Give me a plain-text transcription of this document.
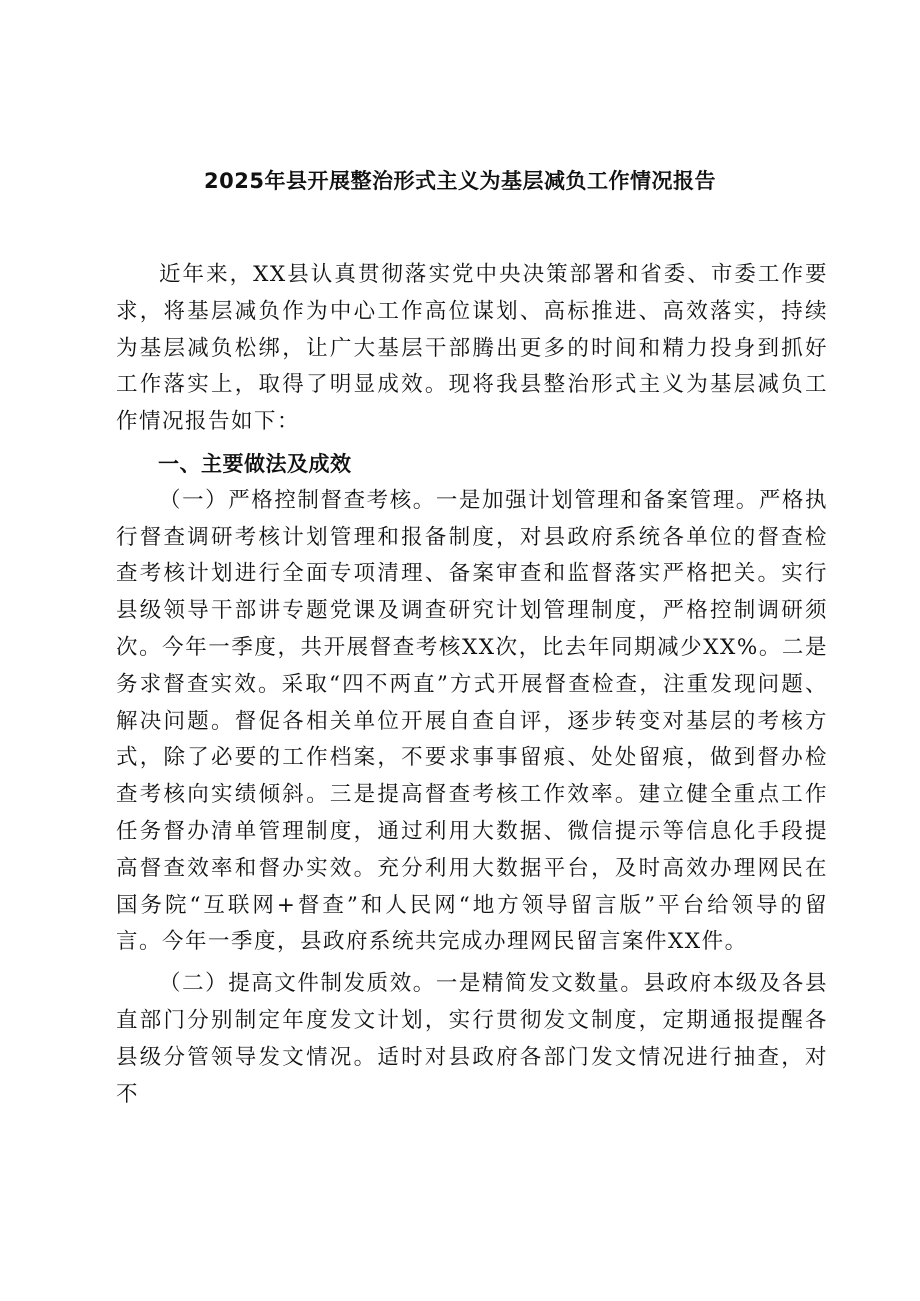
2025年县开展整治形式主义为基层减负工作情况报告

近年来，XX县认真贯彻落实党中央决策部署和省委、市委工作要求，将基层减负作为中心工作高位谋划、高标推进、高效落实，持续为基层减负松绑，让广大基层干部腾出更多的时间和精力投身到抓好工作落实上，取得了明显成效。现将我县整治形式主义为基层减负工作情况报告如下：

一、主要做法及成效

（一）严格控制督查考核。一是加强计划管理和备案管理。严格执行督查调研考核计划管理和报备制度，对县政府系统各单位的督查检查考核计划进行全面专项清理、备案审查和监督落实严格把关。实行县级领导干部讲专题党课及调查研究计划管理制度，严格控制调研须次。今年一季度，共开展督查考核XX次，比去年同期减少XX%。二是务求督查实效。采取“四不两直”方式开展督查检查，注重发现问题、解决问题。督促各相关单位开展自查自评，逐步转变对基层的考核方式，除了必要的工作档案，不要求事事留痕、处处留痕，做到督办检查考核向实绩倾斜。三是提高督查考核工作效率。建立健全重点工作任务督办清单管理制度，通过利用大数据、微信提示等信息化手段提高督查效率和督办实效。充分利用大数据平台，及时高效办理网民在国务院“互联网+督查”和人民网“地方领导留言版”平台给领导的留言。今年一季度，县政府系统共完成办理网民留言案件XX件。

（二）提高文件制发质效。一是精简发文数量。县政府本级及各县直部门分别制定年度发文计划，实行贯彻发文制度，定期通报提醒各县级分管领导发文情况。适时对县政府各部门发文情况进行抽查，对不
